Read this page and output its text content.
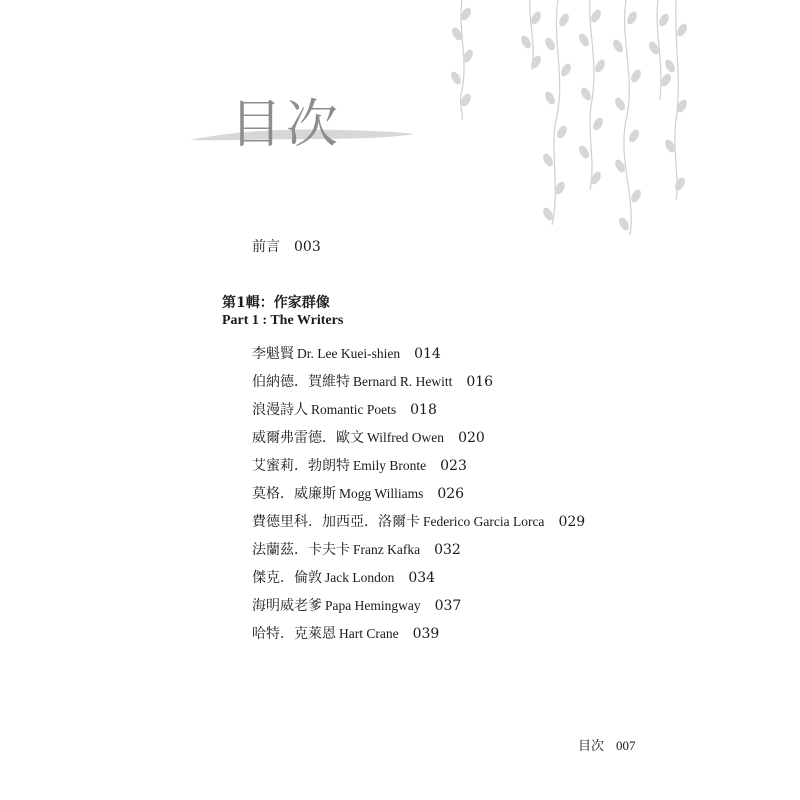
目次
前言 003
第1輯：作家群像
Part 1 : The Writers
李魁賢 Dr. Lee Kuei-shien 014
伯納德．賀維特 Bernard R. Hewitt 016
浪漫詩人 Romantic Poets 018
威爾弗雷德．歐文 Wilfred Owen 020
艾蜜莉．勃朗特 Emily Bronte 023
莫格．威廉斯 Mogg Williams 026
費德里科．加西亞．洛爾卡 Federico Garcia Lorca 029
法蘭茲．卡夫卡 Franz Kafka 032
傑克．倫敦 Jack London 034
海明威老爹 Papa Hemingway 037
哈特．克萊恩 Hart Crane 039
目次 007
